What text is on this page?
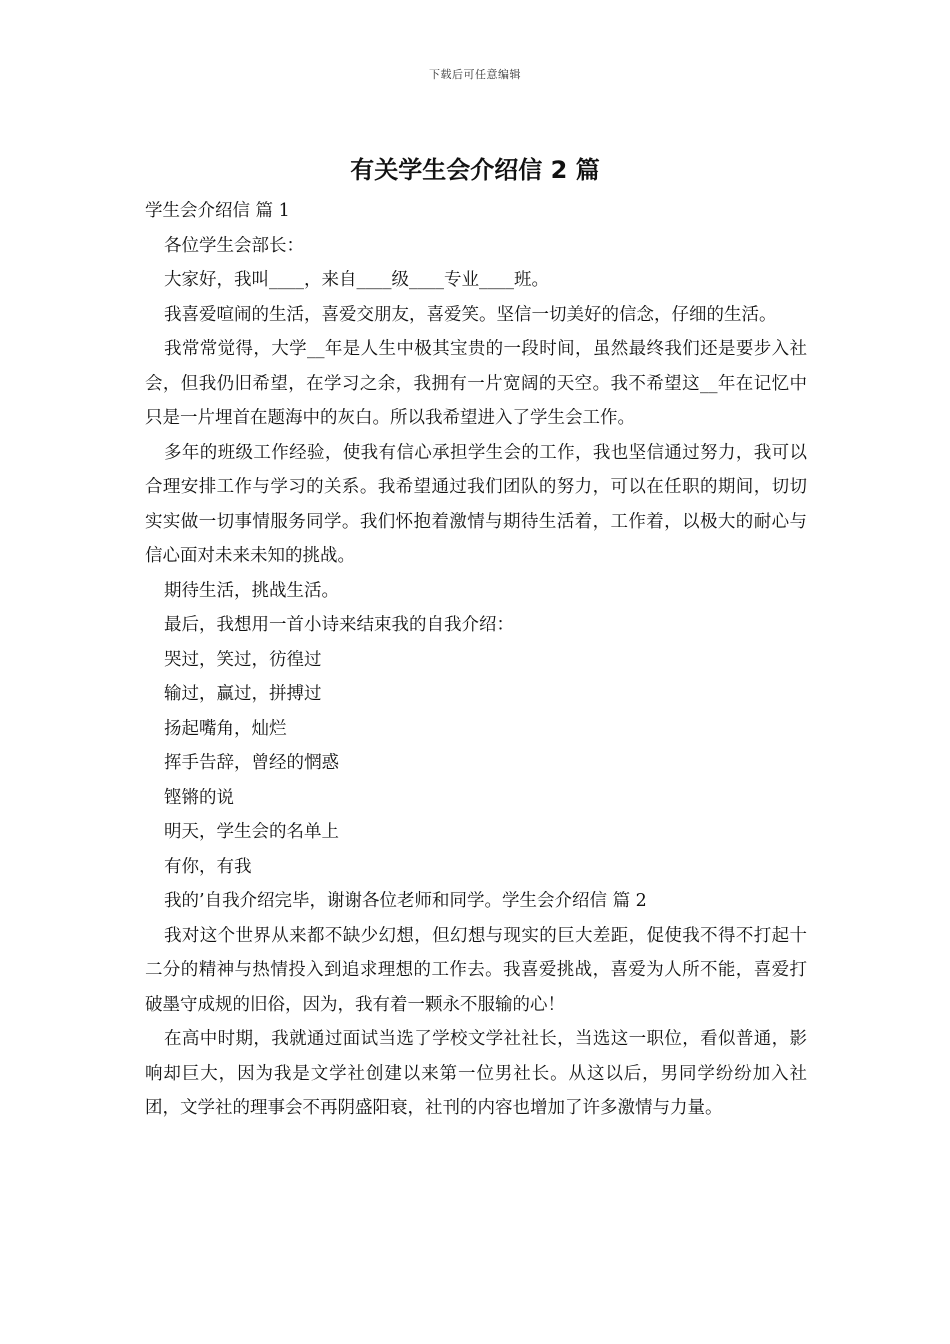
下载后可任意编辑
有关学生会介绍信 2 篇

学生会介绍信 篇 1

各位学生会部长：

大家好，我叫____，来自____级____专业____班。

我喜爱喧闹的生活，喜爱交朋友，喜爱笑。坚信一切美好的信念，仔细的生活。

我常常觉得，大学__年是人生中极其宝贵的一段时间，虽然最终我们还是要步入社会，但我仍旧希望，在学习之余，我拥有一片宽阔的天空。我不希望这__年在记忆中只是一片埋首在题海中的灰白。所以我希望进入了学生会工作。

多年的班级工作经验，使我有信心承担学生会的工作，我也坚信通过努力，我可以合理安排工作与学习的关系。我希望通过我们团队的努力，可以在任职的期间，切切实实做一切事情服务同学。我们怀抱着激情与期待生活着，工作着，以极大的耐心与信心面对未来未知的挑战。

期待生活，挑战生活。

最后，我想用一首小诗来结束我的自我介绍：

哭过，笑过，彷徨过

输过，赢过，拼搏过

扬起嘴角，灿烂

挥手告辞，曾经的惘惑

铿锵的说

明天，学生会的名单上

有你，有我

我的’自我介绍完毕，谢谢各位老师和同学。学生会介绍信 篇 2

我对这个世界从来都不缺少幻想，但幻想与现实的巨大差距，促使我不得不打起十二分的精神与热情投入到追求理想的工作去。我喜爱挑战，喜爱为人所不能，喜爱打破墨守成规的旧俗，因为，我有着一颗永不服输的心！

在高中时期，我就通过面试当选了学校文学社社长，当选这一职位，看似普通，影响却巨大，因为我是文学社创建以来第一位男社长。从这以后，男同学纷纷加入社团，文学社的理事会不再阴盛阳衰，社刊的内容也增加了许多激情与力量。
